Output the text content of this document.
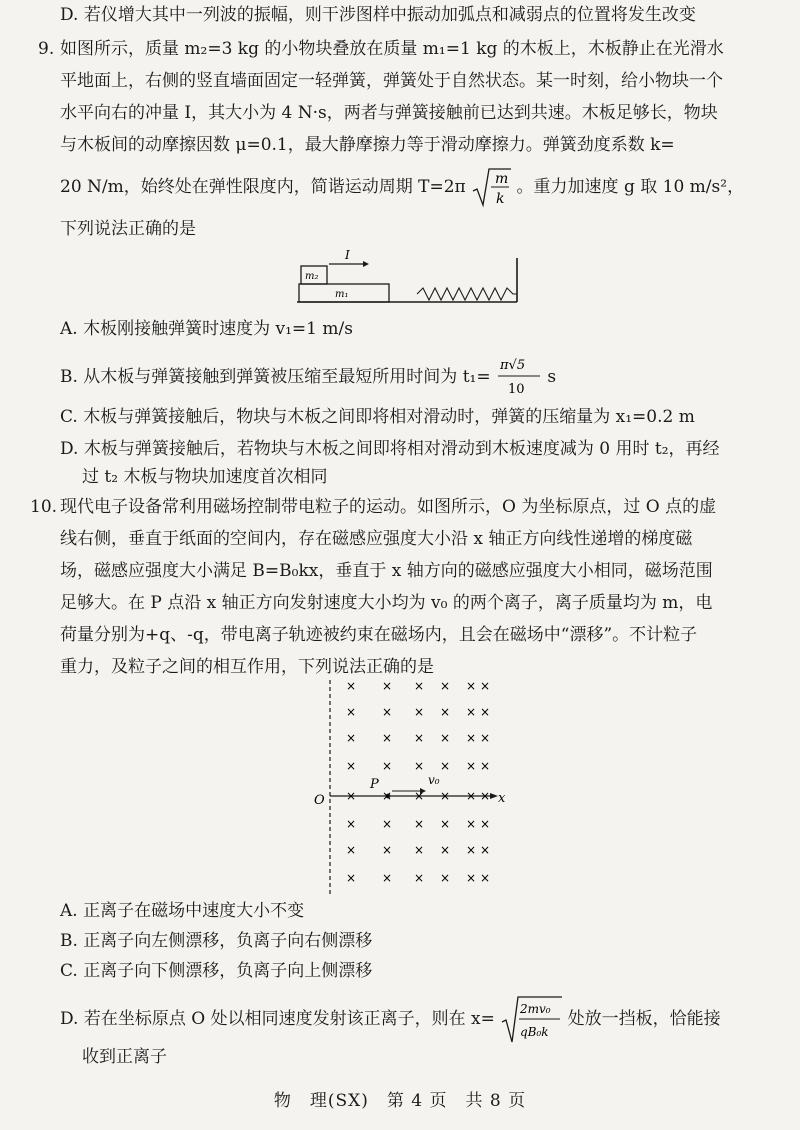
D. 若仪增大其中一列波的振幅，则干涉图样中振动加弧点和减弱点的位置将发生改变
9. 如图所示，质量 m₂=3 kg 的小物块叠放在质量 m₁=1 kg 的木板上，木板静止在光滑水
平地面上，右侧的竖直墙面固定一轻弹簧，弹簧处于自然状态。某一时刻，给小物块一个
水平向右的冲量 I，其大小为 4 N·s，两者与弹簧接触前已达到共速。木板足够长，物块
与木板间的动摩擦因数 μ=0.1，最大静摩擦力等于滑动摩擦力。弹簧劲度系数 k=
20 N/m，始终处在弹性限度内，简谐运动周期 T=2π m
k
。重力加速度 g 取 10 m/s²，
下列说法正确的是
m₂
m₁
I
A. 木板刚接触弹簧时速度为 v₁=1 m/s
B. 从木板与弹簧接触到弹簧被压缩至最短所用时间为 t₁=
π√5
10
s
C. 木板与弹簧接触后，物块与木板之间即将相对滑动时，弹簧的压缩量为 x₁=0.2 m
D. 木板与弹簧接触后，若物块与木板之间即将相对滑动到木板速度减为 0 用时 t₂，再经
过 t₂ 木板与物块加速度首次相同
10. 现代电子设备常利用磁场控制带电粒子的运动。如图所示，O 为坐标原点，过 O 点的虚
线右侧，垂直于纸面的空间内，存在磁感应强度大小沿 x 轴正方向线性递增的梯度磁
场，磁感应强度大小满足 B=B₀kx，垂直于 x 轴方向的磁感应强度大小相同，磁场范围
足够大。在 P 点沿 x 轴正方向发射速度大小均为 v₀ 的两个离子，离子质量均为 m，电
荷量分别为+q、-q，带电离子轨迹被约束在磁场内，且会在磁场中“漂移”。不计粒子
重力，及粒子之间的相互作用，下列说法正确的是
O	x
P	v₀
× × × × × ×
× × × × × ×
× × × × × ×
× × × × × ×
× × × × × ×
× × × × × ×
× × × × × ×
× × × × × ×
A. 正离子在磁场中速度大小不变
B. 正离子向左侧漂移，负离子向右侧漂移
C. 正离子向下侧漂移，负离子向上侧漂移
D. 若在坐标原点 O 处以相同速度发射该正离子，则在 x=
2mv₀
qB₀k
处放一挡板，恰能接
收到正离子
物　理(SX)　第 4 页　共 8 页
